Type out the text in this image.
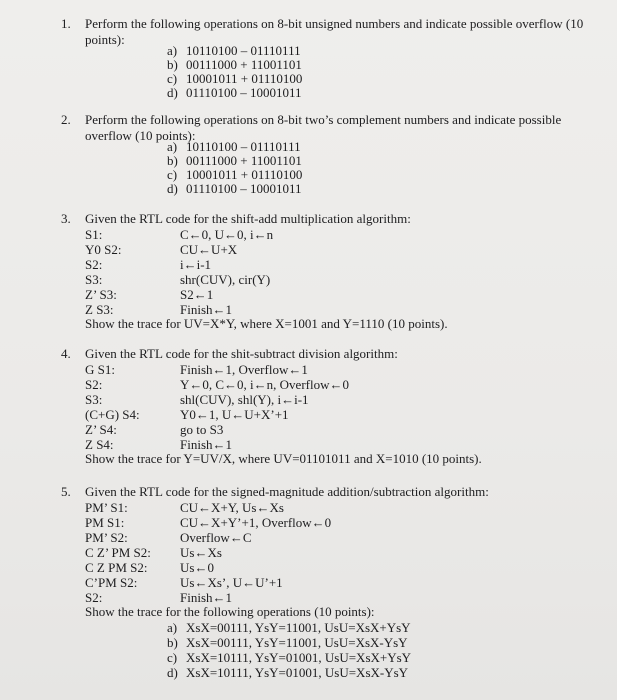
1. Perform the following operations on 8-bit unsigned numbers and indicate possible overflow (10 points):
a) 10110100 – 01110111
b) 00111000 + 11001101
c) 10001011 + 01110100
d) 01110100 – 10001011
2. Perform the following operations on 8-bit two’s complement numbers and indicate possible overflow (10 points):
a) 10110100 – 01110111
b) 00111000 + 11001101
c) 10001011 + 01110100
d) 01110100 – 10001011
3. Given the RTL code for the shift-add multiplication algorithm:
S1:	C←0, U←0, i←n
Y0 S2:	CU←U+X
S2:	i←i-1
S3:	shr(CUV), cir(Y)
Z’ S3:	S2←1
Z S3:	Finish←1
Show the trace for UV=X*Y, where X=1001 and Y=1110 (10 points).
4. Given the RTL code for the shit-subtract division algorithm:
G S1:	Finish←1, Overflow←1
S2:	Y←0, C←0, i←n, Overflow←0
S3:	shl(CUV), shl(Y), i←i-1
(C+G) S4:	Y0←1, U←U+X’+1
Z’ S4:	go to S3
Z S4:	Finish←1
Show the trace for Y=UV/X, where UV=01101011 and X=1010 (10 points).
5. Given the RTL code for the signed-magnitude addition/subtraction algorithm:
PM’ S1:	CU←X+Y, Us←Xs
PM S1:	CU←X+Y’+1, Overflow←0
PM’ S2:	Overflow←C
C Z’ PM S2: Us←Xs
C Z PM S2:	Us←0
C’PM S2:	Us←Xs’, U←U’+1
S2:	Finish←1
Show the trace for the following operations (10 points):
a) XsX=00111, YsY=11001, UsU=XsX+YsY
b) XsX=00111, YsY=11001, UsU=XsX-YsY
c) XsX=10111, YsY=01001, UsU=XsX+YsY
d) XsX=10111, YsY=01001, UsU=XsX-YsY
